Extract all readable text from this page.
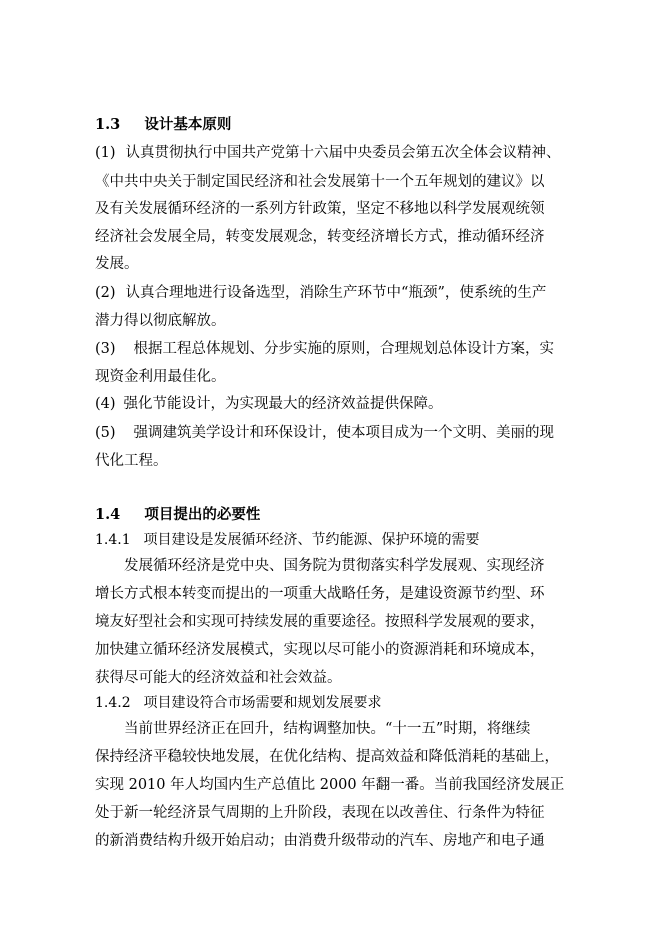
1.3 设计基本原则
(1) 认真贯彻执行中国共产党第十六届中央委员会第五次全体会议精神、
《中共中央关于制定国民经济和社会发展第十一个五年规划的建议》以
及有关发展循环经济的一系列方针政策，坚定不移地以科学发展观统领
经济社会发展全局，转变发展观念，转变经济增长方式，推动循环经济
发展。
(2) 认真合理地进行设备选型，消除生产环节中“瓶颈”，使系统的生产
潜力得以彻底解放。
(3) 根据工程总体规划、分步实施的原则，合理规划总体设计方案，实
现资金利用最佳化。
(4) 强化节能设计，为实现最大的经济效益提供保障。
(5) 强调建筑美学设计和环保设计，使本项目成为一个文明、美丽的现
代化工程。
1.4 项目提出的必要性
1.4.1 项目建设是发展循环经济、节约能源、保护环境的需要
发展循环经济是党中央、国务院为贯彻落实科学发展观、实现经济
增长方式根本转变而提出的一项重大战略任务，是建设资源节约型、环
境友好型社会和实现可持续发展的重要途径。按照科学发展观的要求，
加快建立循环经济发展模式，实现以尽可能小的资源消耗和环境成本，
获得尽可能大的经济效益和社会效益。
1.4.2 项目建设符合市场需要和规划发展要求
当前世界经济正在回升，结构调整加快。“十一五”时期，将继续
保持经济平稳较快地发展，在优化结构、提高效益和降低消耗的基础上，
实现 2010 年人均国内生产总值比 2000 年翻一番。当前我国经济发展正
处于新一轮经济景气周期的上升阶段，表现在以改善住、行条件为特征
的新消费结构升级开始启动；由消费升级带动的汽车、房地产和电子通
